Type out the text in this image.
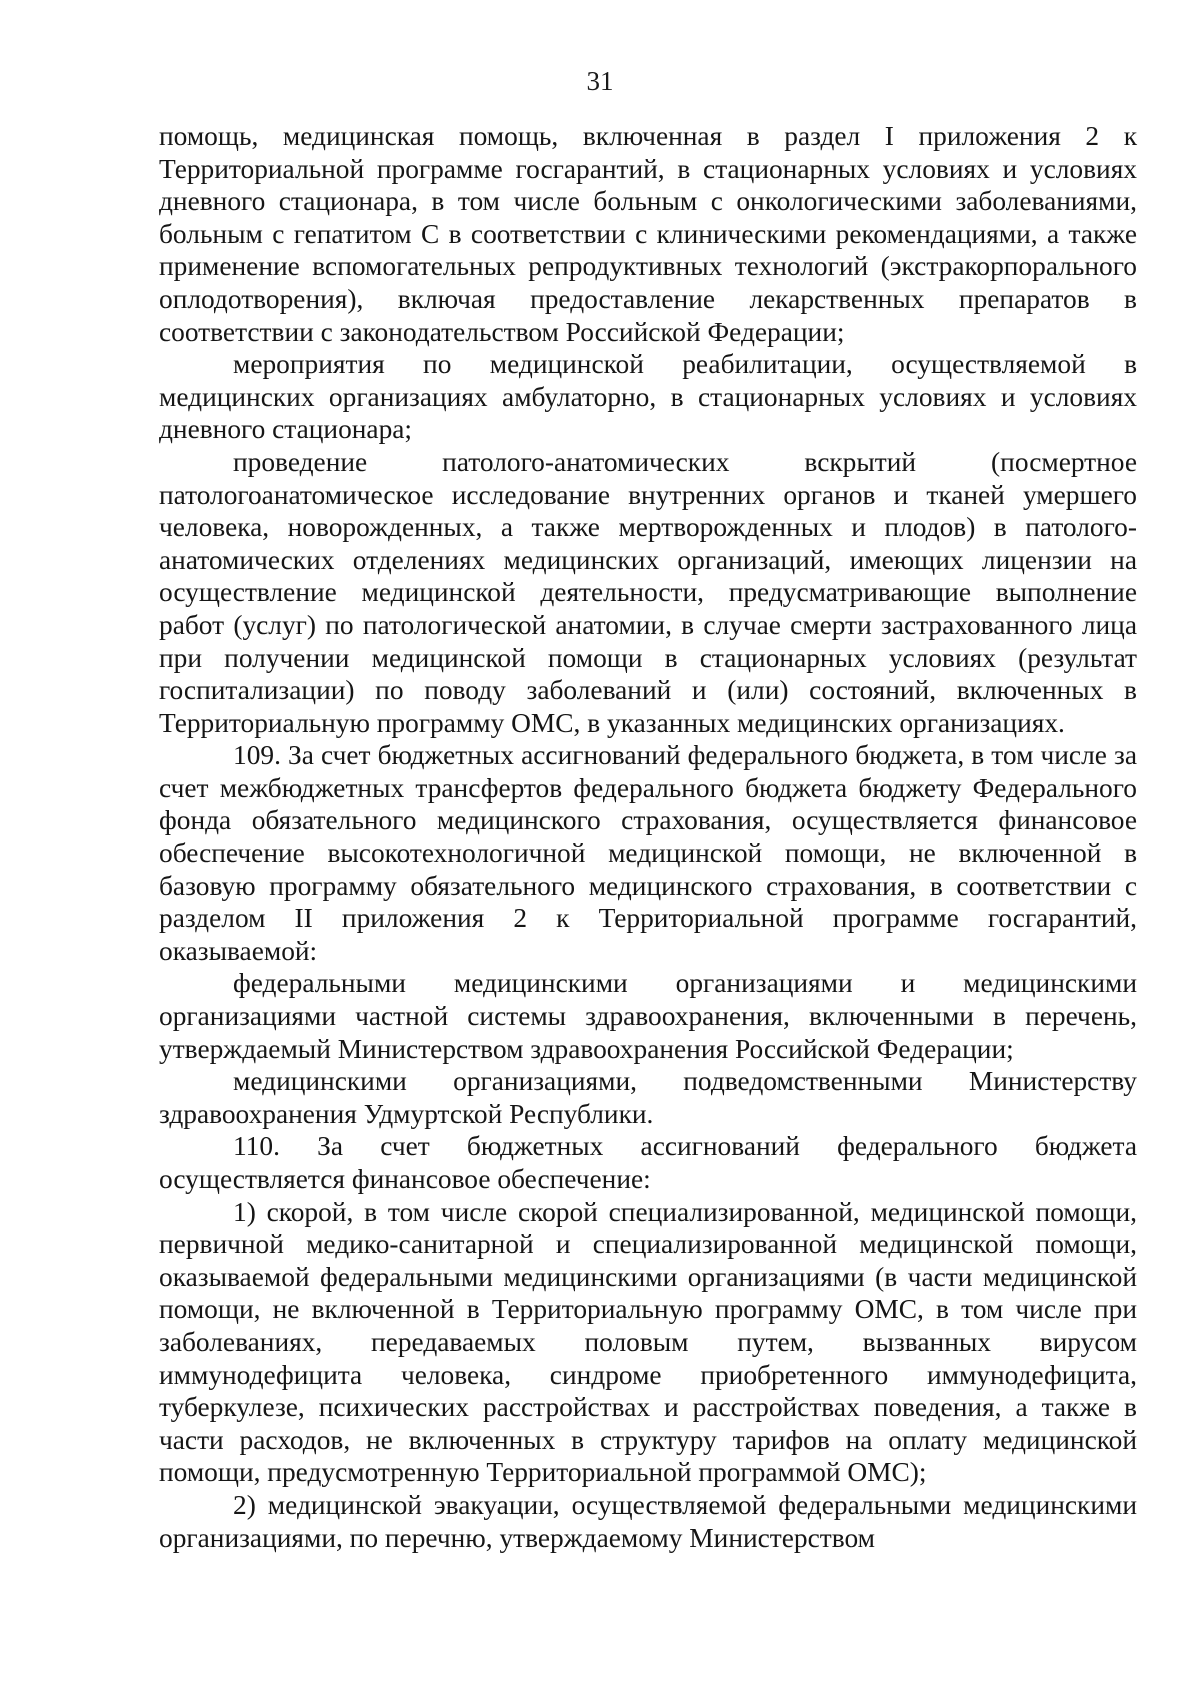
31

помощь, медицинская помощь, включенная в раздел I приложения 2 к Территориальной программе госгарантий, в стационарных условиях и условиях дневного стационара, в том числе больным с онкологическими заболеваниями, больным с гепатитом С в соответствии с клиническими рекомендациями, а также применение вспомогательных репродуктивных технологий (экстракорпорального оплодотворения), включая предоставление лекарственных препаратов в соответствии с законодательством Российской Федерации;

мероприятия по медицинской реабилитации, осуществляемой в медицинских организациях амбулаторно, в стационарных условиях и условиях дневного стационара;

проведение патолого-анатомических вскрытий (посмертное патологоанатомическое исследование внутренних органов и тканей умершего человека, новорожденных, а также мертворожденных и плодов) в патолого-анатомических отделениях медицинских организаций, имеющих лицензии на осуществление медицинской деятельности, предусматривающие выполнение работ (услуг) по патологической анатомии, в случае смерти застрахованного лица при получении медицинской помощи в стационарных условиях (результат госпитализации) по поводу заболеваний и (или) состояний, включенных в Территориальную программу ОМС, в указанных медицинских организациях.

109. За счет бюджетных ассигнований федерального бюджета, в том числе за счет межбюджетных трансфертов федерального бюджета бюджету Федерального фонда обязательного медицинского страхования, осуществляется финансовое обеспечение высокотехнологичной медицинской помощи, не включенной в базовую программу обязательного медицинского страхования, в соответствии с разделом II приложения 2 к Территориальной программе госгарантий, оказываемой:

федеральными медицинскими организациями и медицинскими организациями частной системы здравоохранения, включенными в перечень, утверждаемый Министерством здравоохранения Российской Федерации;

медицинскими организациями, подведомственными Министерству здравоохранения Удмуртской Республики.

110. За счет бюджетных ассигнований федерального бюджета осуществляется финансовое обеспечение:

1) скорой, в том числе скорой специализированной, медицинской помощи, первичной медико-санитарной и специализированной медицинской помощи, оказываемой федеральными медицинскими организациями (в части медицинской помощи, не включенной в Территориальную программу ОМС, в том числе при заболеваниях, передаваемых половым путем, вызванных вирусом иммунодефицита человека, синдроме приобретенного иммунодефицита, туберкулезе, психических расстройствах и расстройствах поведения, а также в части расходов, не включенных в структуру тарифов на оплату медицинской помощи, предусмотренную Территориальной программой ОМС);

2) медицинской эвакуации, осуществляемой федеральными медицинскими организациями, по перечню, утверждаемому Министерством
